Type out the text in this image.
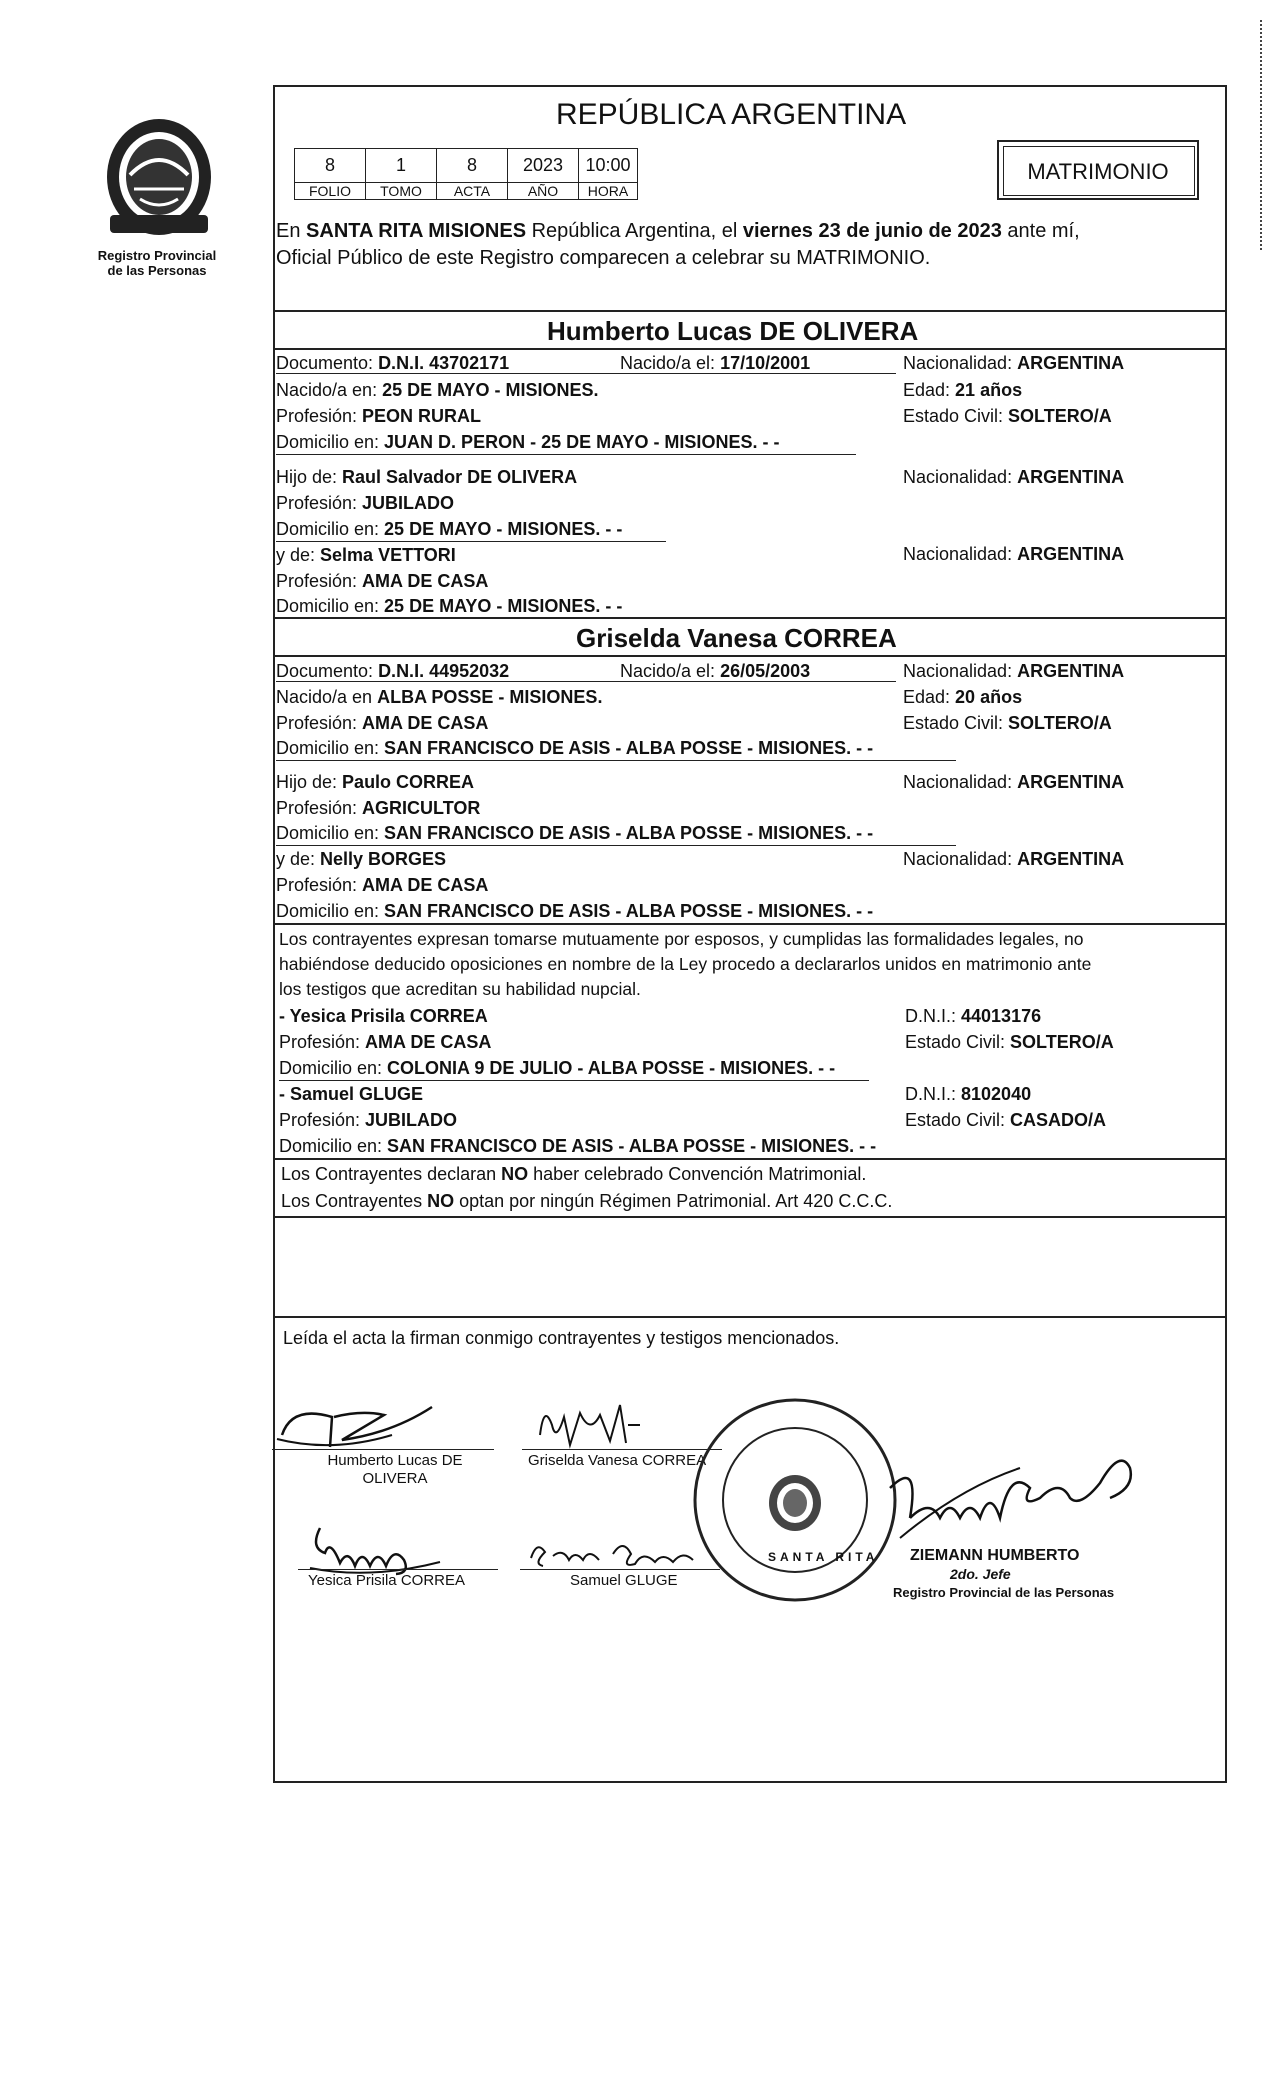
Registro Provincial
de las Personas
REPÚBLICA ARGENTINA
8	1	8	2023	10:00
FOLIO	TOMO	ACTA	AÑO	HORA
MATRIMONIO
En SANTA RITA MISIONES República Argentina, el viernes 23 de junio de 2023 ante mí,
Oficial Público de este Registro comparecen a celebrar su MATRIMONIO.
Humberto Lucas DE OLIVERA
Documento: D.N.I. 43702171	Nacido/a el: 17/10/2001	Nacionalidad: ARGENTINA
Nacido/a en: 25 DE MAYO - MISIONES.	Edad: 21 años
Profesión: PEON RURAL	Estado Civil: SOLTERO/A
Domicilio en: JUAN D. PERON - 25 DE MAYO - MISIONES. - -
Hijo de: Raul Salvador DE OLIVERA	Nacionalidad: ARGENTINA
Profesión: JUBILADO
Domicilio en: 25 DE MAYO - MISIONES. - -
y de: Selma VETTORI	Nacionalidad: ARGENTINA
Profesión: AMA DE CASA
Domicilio en: 25 DE MAYO - MISIONES. - -
Griselda Vanesa CORREA
Documento: D.N.I. 44952032	Nacido/a el: 26/05/2003	Nacionalidad: ARGENTINA
Nacido/a en ALBA POSSE - MISIONES.	Edad: 20 años
Profesión: AMA DE CASA	Estado Civil: SOLTERO/A
Domicilio en: SAN FRANCISCO DE ASIS - ALBA POSSE - MISIONES. - -
Hijo de: Paulo CORREA	Nacionalidad: ARGENTINA
Profesión: AGRICULTOR
Domicilio en: SAN FRANCISCO DE ASIS - ALBA POSSE - MISIONES. - -
y de: Nelly BORGES	Nacionalidad: ARGENTINA
Profesión: AMA DE CASA
Domicilio en: SAN FRANCISCO DE ASIS - ALBA POSSE - MISIONES. - -
Los contrayentes expresan tomarse mutuamente por esposos, y cumplidas las formalidades legales, no
habiéndose deducido oposiciones en nombre de la Ley procedo a declararlos unidos en matrimonio ante
los testigos que acreditan su habilidad nupcial.
- Yesica Prisila CORREA	D.N.I.: 44013176
Profesión: AMA DE CASA	Estado Civil: SOLTERO/A
Domicilio en: COLONIA 9 DE JULIO - ALBA POSSE - MISIONES. - -
- Samuel GLUGE	D.N.I.: 8102040
Profesión: JUBILADO	Estado Civil: CASADO/A
Domicilio en: SAN FRANCISCO DE ASIS - ALBA POSSE - MISIONES. - -
Los Contrayentes declaran NO haber celebrado Convención Matrimonial.
Los Contrayentes NO optan por ningún Régimen Patrimonial. Art 420 C.C.C.
Leída el acta la firman conmigo contrayentes y testigos mencionados.
Humberto Lucas DE
OLIVERA
Griselda Vanesa CORREA
Yesica Prisila CORREA	Samuel GLUGE
SANTA RITA ZIEMANN HUMBERTO
2do. Jefe
Registro Provincial de las Personas
